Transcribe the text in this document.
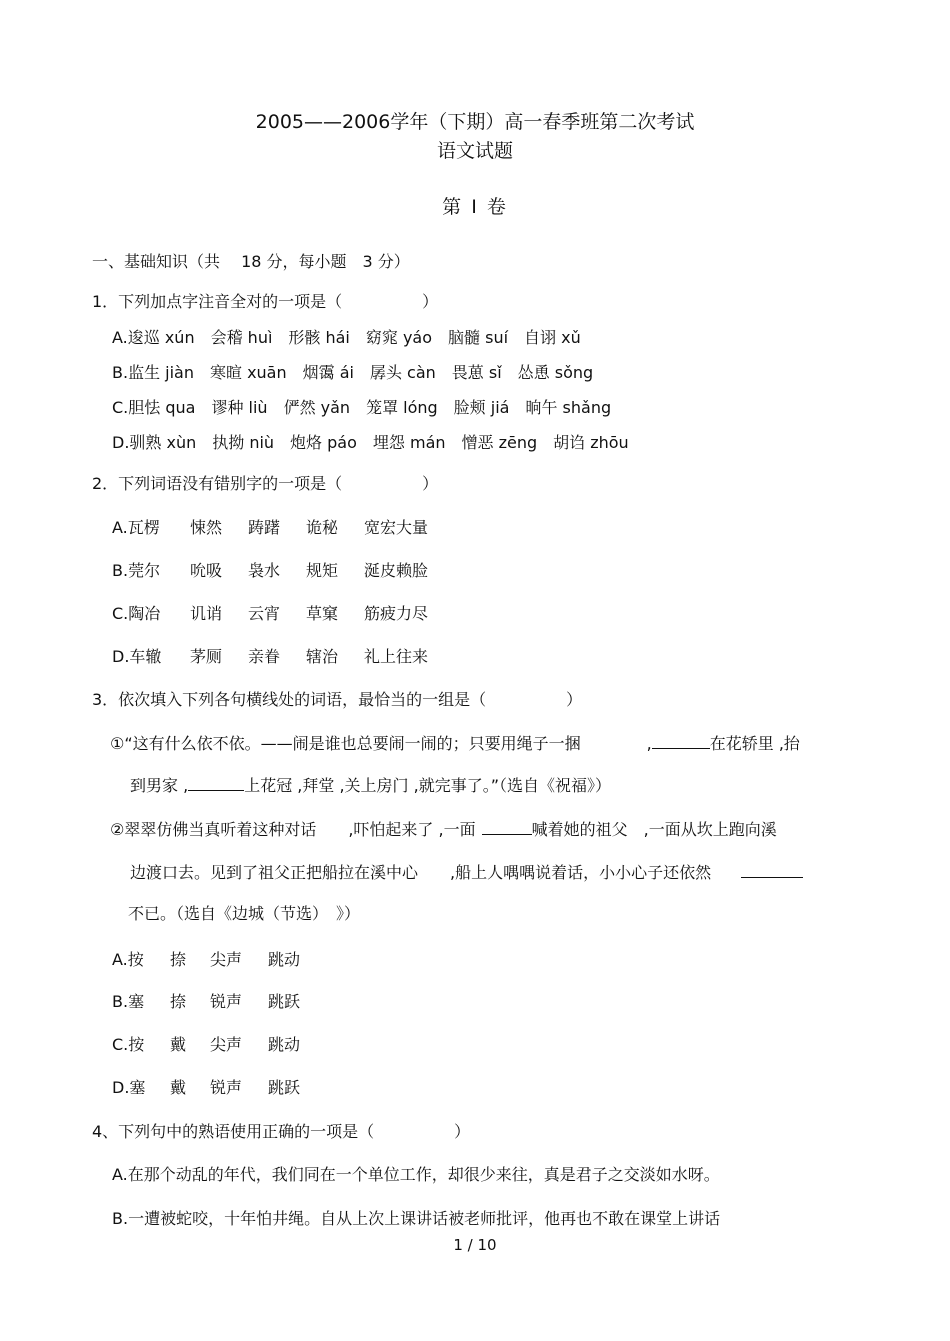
2005——2006学年（下期）高一春季班第二次考试
语文试题
第 I 卷
一、基础知识（共　 18 分，每小题　3 分）
1．下列加点字注音全对的一项是（　　　　　）
A.逡巡 xún　会稽 huì　形骸 hái　窈窕 yáo　脑髓 suí　自诩 xǔ
B.监生 jiàn　寒暄 xuān　烟霭 ái　孱头 càn　畏葸 sǐ　怂恿 sǒng
C.胆怯 qua　谬种 liù　俨然 yǎn　笼罩 lóng　脸颊 jiá　晌午 shǎng
D.驯熟 xùn　执拗 niù　炮烙 páo　埋怨 mán　憎恶 zēng　胡诌 zhōu
2．下列词语没有错别字的一项是（　　　　　）
A.瓦楞 悚然 踌躇 诡秘 宽宏大量
B.莞尔 吮吸 袅水 规矩 涎皮赖脸
C.陶冶 讥诮 云宵 草窠 筋疲力尽
D.车辙 茅厕 亲眷 辖治 礼上往来
3．依次填入下列各句横线处的词语，最恰当的一组是（　　　　　）
①“这有什么依不依。——闹是谁也总要闹一闹的；只要用绳子一捆	,	在花轿里 ,抬
到男家 ,	上花冠 ,拜堂 ,关上房门 ,就完事了。”（选自《祝福》）
②翠翠仿佛当真听着这种对话　　,吓怕起来了 ,一面	喊着她的祖父　,一面从坎上跑向溪
边渡口去。见到了祖父正把船拉在溪中心　　,船上人喁喁说着话，小小心子还依然
不已。（选自《边城（节选）　》）
A.按 捺 尖声 跳动
B.塞 捺 锐声 跳跃
C.按 戴 尖声 跳动
D.塞 戴 锐声 跳跃
4、下列句中的熟语使用正确的一项是（　　　　　）
A.在那个动乱的年代，我们同在一个单位工作，却很少来往，真是君子之交淡如水呀。
B.一遭被蛇咬，十年怕井绳。自从上次上课讲话被老师批评，他再也不敢在课堂上讲话
1 / 10
